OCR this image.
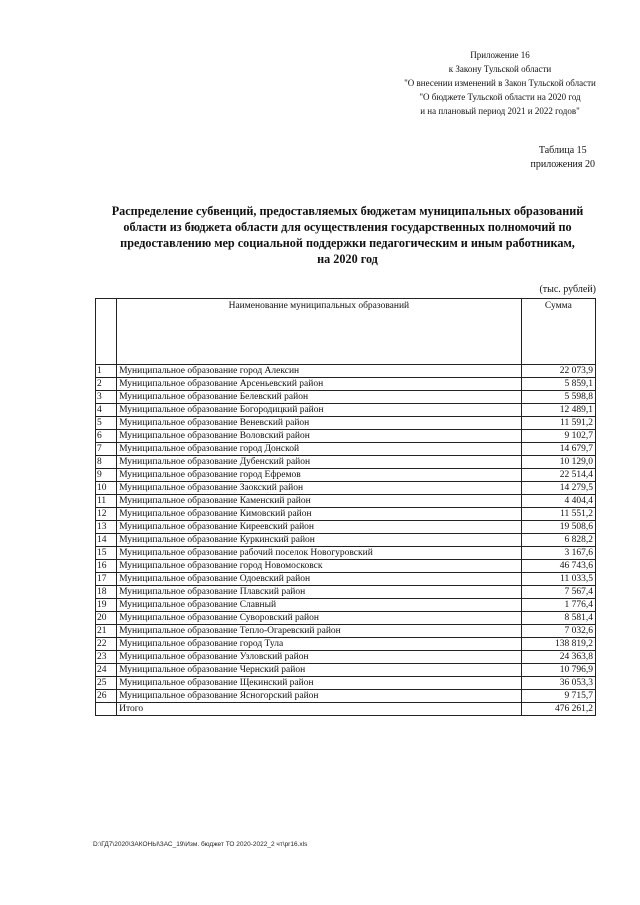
Приложение 16
к Закону Тульской области
"О внесении изменений в Закон Тульской области
"О бюджете Тульской области на 2020 год
и на плановый период 2021 и 2022 годов"
Таблица 15
приложения 20
Распределение субвенций, предоставляемых бюджетам муниципальных образований
области из бюджета области для осуществления государственных полномочий по
предоставлению мер социальной поддержки педагогическим и иным работникам,
на 2020 год
(тыс. рублей)
	Наименование муниципальных образований	Сумма
1	Муниципальное образование город Алексин	22 073,9
2	Муниципальное образование Арсеньевский район	5 859,1
3	Муниципальное образование Белевский район	5 598,8
4	Муниципальное образование Богородицкий район	12 489,1
5	Муниципальное образование Веневский район	11 591,2
6	Муниципальное образование Воловский район	9 102,7
7	Муниципальное образование город Донской	14 679,7
8	Муниципальное образование Дубенский район	10 129,0
9	Муниципальное образование город Ефремов	22 514,4
10	Муниципальное образование Заокский район	14 279,5
11	Муниципальное образование Каменский район	4 404,4
12	Муниципальное образование Кимовский район	11 551,2
13	Муниципальное образование Киреевский район	19 508,6
14	Муниципальное образование Куркинский район	6 828,2
15	Муниципальное образование рабочий поселок Новогуровский	3 167,6
16	Муниципальное образование город Новомосковск	46 743,6
17	Муниципальное образование Одоевский район	11 033,5
18	Муниципальное образование Плавский район	7 567,4
19	Муниципальное образование Славный	1 776,4
20	Муниципальное образование Суворовский район	8 581,4
21	Муниципальное образование Тепло-Огаревский район	7 032,6
22	Муниципальное образование город Тула	138 819,2
23	Муниципальное образование Узловский район	24 363,8
24	Муниципальное образование Чернский район	10 796,9
25	Муниципальное образование Щекинский район	36 053,3
26	Муниципальное образование Ясногорский район	9 715,7
	Итого	476 261,2
D:\ГД7\2020\ЗАКОНЫ\ЗАС_19\Изм. бюджет ТО 2020-2022_2 чт\pr16.xls
